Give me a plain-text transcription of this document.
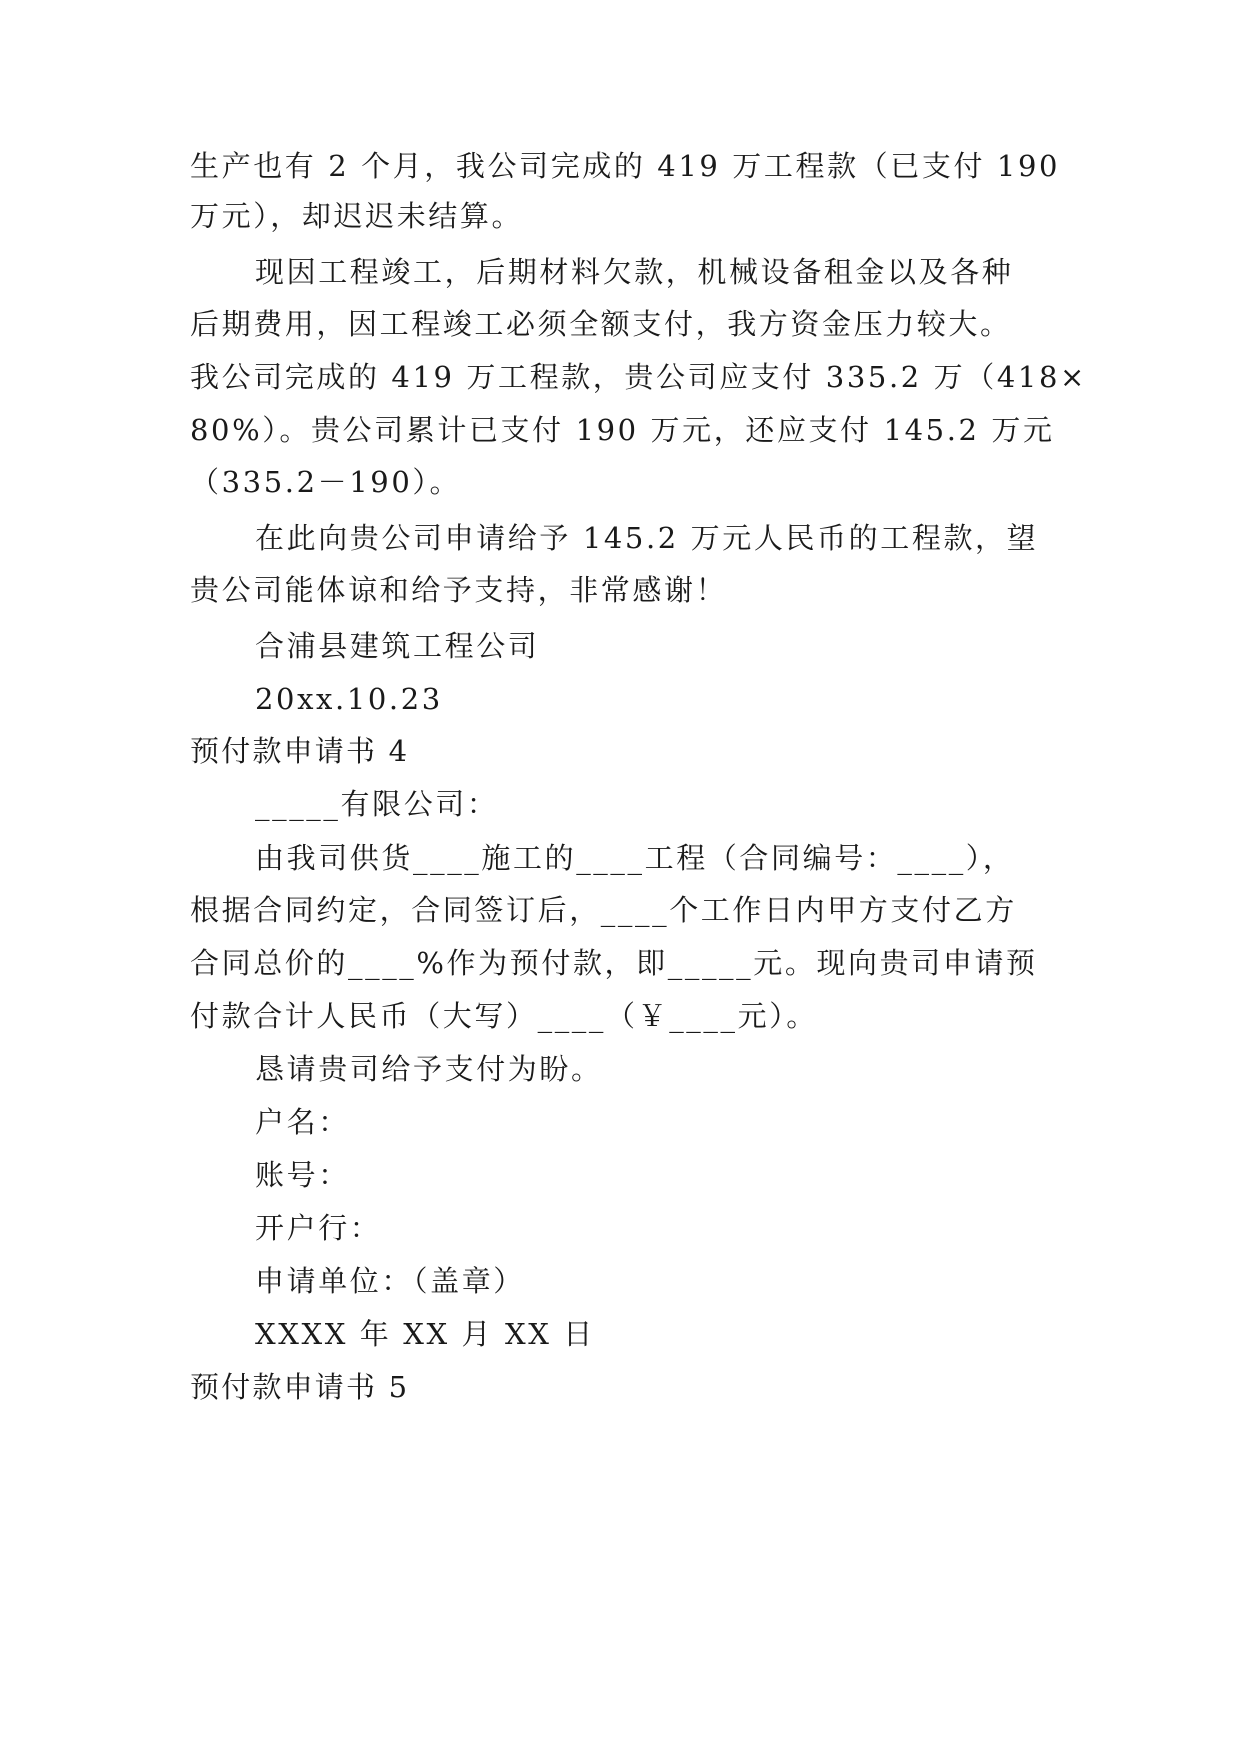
生产也有 2 个月，我公司完成的 419 万工程款（已支付 190
万元），却迟迟未结算。
现因工程竣工，后期材料欠款，机械设备租金以及各种
后期费用，因工程竣工必须全额支付，我方资金压力较大。
我公司完成的 419 万工程款，贵公司应支付 335.2 万（418×
80%）。贵公司累计已支付 190 万元，还应支付 145.2 万元
（335.2－190）。
在此向贵公司申请给予 145.2 万元人民币的工程款，望
贵公司能体谅和给予支持，非常感谢！
合浦县建筑工程公司
20xx.10.23
预付款申请书 4
_____有限公司：
由我司供货____施工的____工程（合同编号：____），
根据合同约定，合同签订后，____个工作日内甲方支付乙方
合同总价的____%作为预付款，即_____元。现向贵司申请预
付款合计人民币（大写）____（￥____元）。
恳请贵司给予支付为盼。
户名：
账号：
开户行：
申请单位：（盖章）
XXXX 年 XX 月 XX 日
预付款申请书 5
